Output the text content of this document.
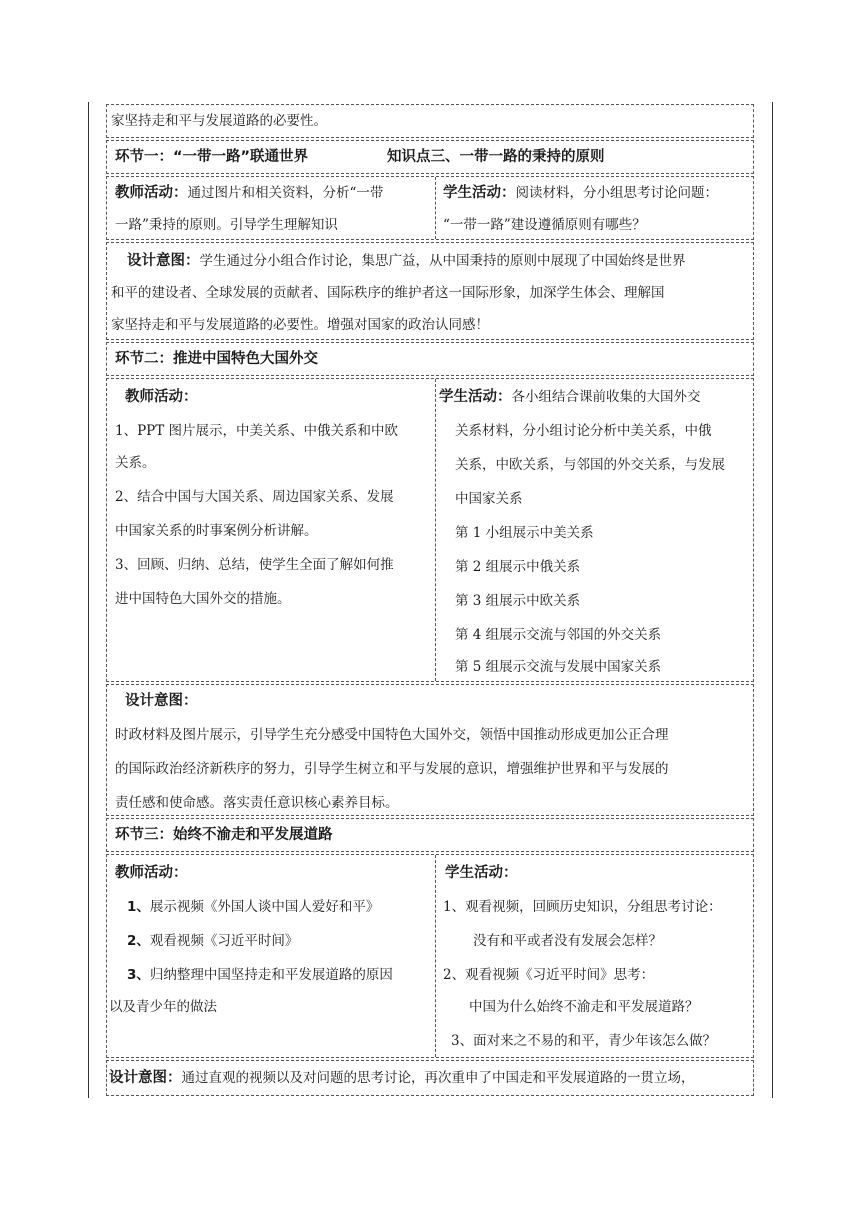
家坚持走和平与发展道路的必要性。
环节一：“一带一路”联通世界	知识点三、一带一路的秉持的原则
教师活动：通过图片和相关资料，分析“一带
一路”秉持的原则。引导学生理解知识
学生活动：阅读材料，分小组思考讨论问题：
“一带一路”建设遵循原则有哪些？
设计意图：学生通过分小组合作讨论，集思广益，从中国秉持的原则中展现了中国始终是世界
和平的建设者、全球发展的贡献者、国际秩序的维护者这一国际形象，加深学生体会、理解国
家坚持走和平与发展道路的必要性。增强对国家的政治认同感！
环节二：推进中国特色大国外交
教师活动：
1、PPT 图片展示，中美关系、中俄关系和中欧
关系。
2、结合中国与大国关系、周边国家关系、发展
中国家关系的时事案例分析讲解。
3、回顾、归纳、总结，使学生全面了解如何推
进中国特色大国外交的措施。
学生活动：各小组结合课前收集的大国外交
关系材料，分小组讨论分析中美关系，中俄
关系，中欧关系，与邻国的外交关系，与发展
中国家关系
第 1 小组展示中美关系
第 2 组展示中俄关系
第 3 组展示中欧关系
第 4 组展示交流与邻国的外交关系
第 5 组展示交流与发展中国家关系
设计意图：
时政材料及图片展示，引导学生充分感受中国特色大国外交，领悟中国推动形成更加公正合理
的国际政治经济新秩序的努力，引导学生树立和平与发展的意识，增强维护世界和平与发展的
责任感和使命感。落实责任意识核心素养目标。
环节三：始终不渝走和平发展道路
教师活动：
1、展示视频《外国人谈中国人爱好和平》
2、观看视频《习近平时间》
3、归纳整理中国坚持走和平发展道路的原因
以及青少年的做法
学生活动：
1、观看视频，回顾历史知识，分组思考讨论：
没有和平或者没有发展会怎样？
2、观看视频《习近平时间》思考：
中国为什么始终不渝走和平发展道路？
3、面对来之不易的和平，青少年该怎么做？
设计意图：通过直观的视频以及对问题的思考讨论，再次重申了中国走和平发展道路的一贯立场，
